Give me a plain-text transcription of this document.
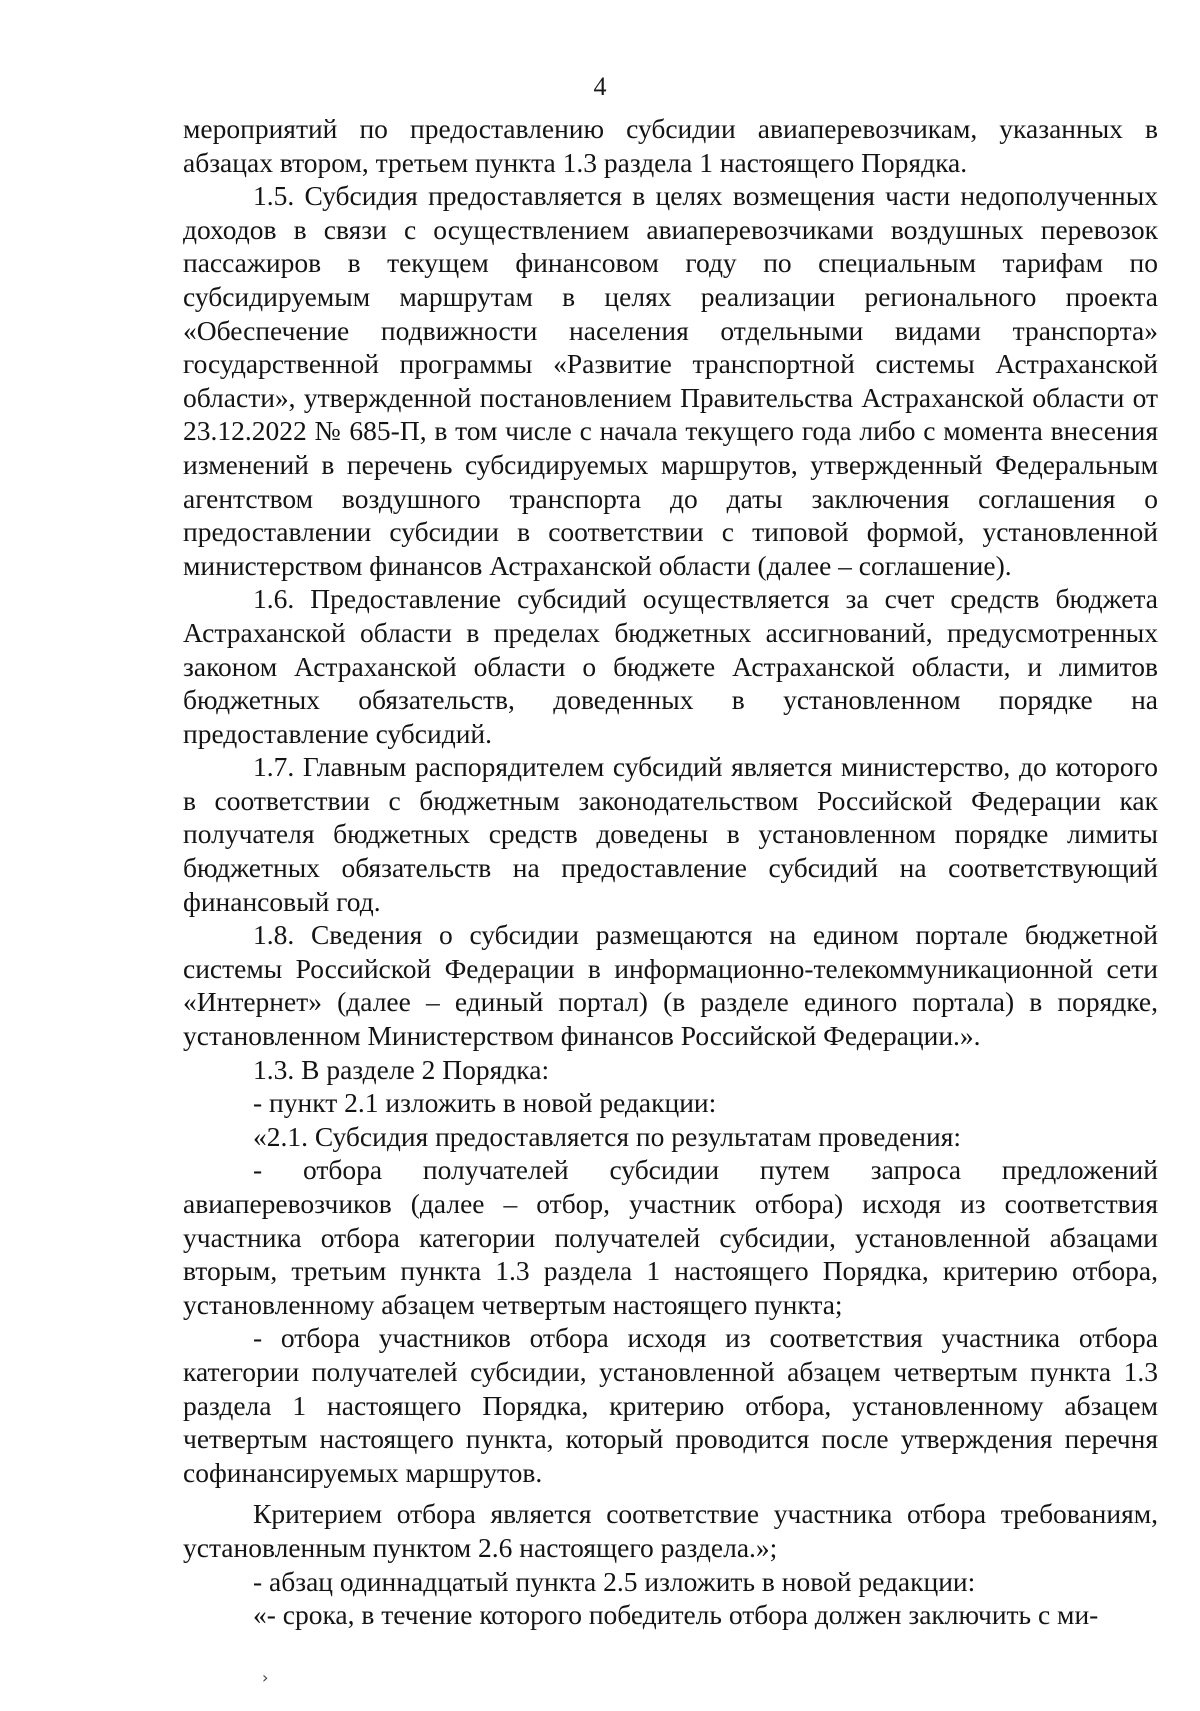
4

мероприятий по предоставлению субсидии авиаперевозчикам, указанных в абзацах втором, третьем пункта 1.3 раздела 1 настоящего Порядка.

1.5. Субсидия предоставляется в целях возмещения части недополученных доходов в связи с осуществлением авиаперевозчиками воздушных перевозок пассажиров в текущем финансовом году по специальным тарифам по субсидируемым маршрутам в целях реализации регионального проекта «Обеспечение подвижности населения отдельными видами транспорта» государственной программы «Развитие транспортной системы Астраханской области», утвержденной постановлением Правительства Астраханской области от 23.12.2022 № 685-П, в том числе с начала текущего года либо с момента внесения изменений в перечень субсидируемых маршрутов, утвержденный Федеральным агентством воздушного транспорта до даты заключения соглашения о предоставлении субсидии в соответствии с типовой формой, установленной министерством финансов Астраханской области (далее – соглашение).

1.6. Предоставление субсидий осуществляется за счет средств бюджета Астраханской области в пределах бюджетных ассигнований, предусмотренных законом Астраханской области о бюджете Астраханской области, и лимитов бюджетных обязательств, доведенных в установленном порядке на предоставление субсидий.

1.7. Главным распорядителем субсидий является министерство, до которого в соответствии с бюджетным законодательством Российской Федерации как получателя бюджетных средств доведены в установленном порядке лимиты бюджетных обязательств на предоставление субсидий на соответствующий финансовый год.

1.8. Сведения о субсидии размещаются на едином портале бюджетной системы Российской Федерации в информационно-телекоммуникационной сети «Интернет» (далее – единый портал) (в разделе единого портала) в порядке, установленном Министерством финансов Российской Федерации.».

1.3. В разделе 2 Порядка:

- пункт 2.1 изложить в новой редакции:

«2.1. Субсидия предоставляется по результатам проведения:

- отбора получателей субсидии путем запроса предложений авиаперевозчиков (далее – отбор, участник отбора) исходя из соответствия участника отбора категории получателей субсидии, установленной абзацами вторым, третьим пункта 1.3 раздела 1 настоящего Порядка, критерию отбора, установленному абзацем четвертым настоящего пункта;

- отбора участников отбора исходя из соответствия участника отбора категории получателей субсидии, установленной абзацем четвертым пункта 1.3 раздела 1 настоящего Порядка, критерию отбора, установленному абзацем четвертым настоящего пункта, который проводится после утверждения перечня софинансируемых маршрутов.

Критерием отбора является соответствие участника отбора требованиям, установленным пунктом 2.6 настоящего раздела.»;

- абзац одиннадцатый пункта 2.5 изложить в новой редакции:

«- срока, в течение которого победитель отбора должен заключить с ми-

›
